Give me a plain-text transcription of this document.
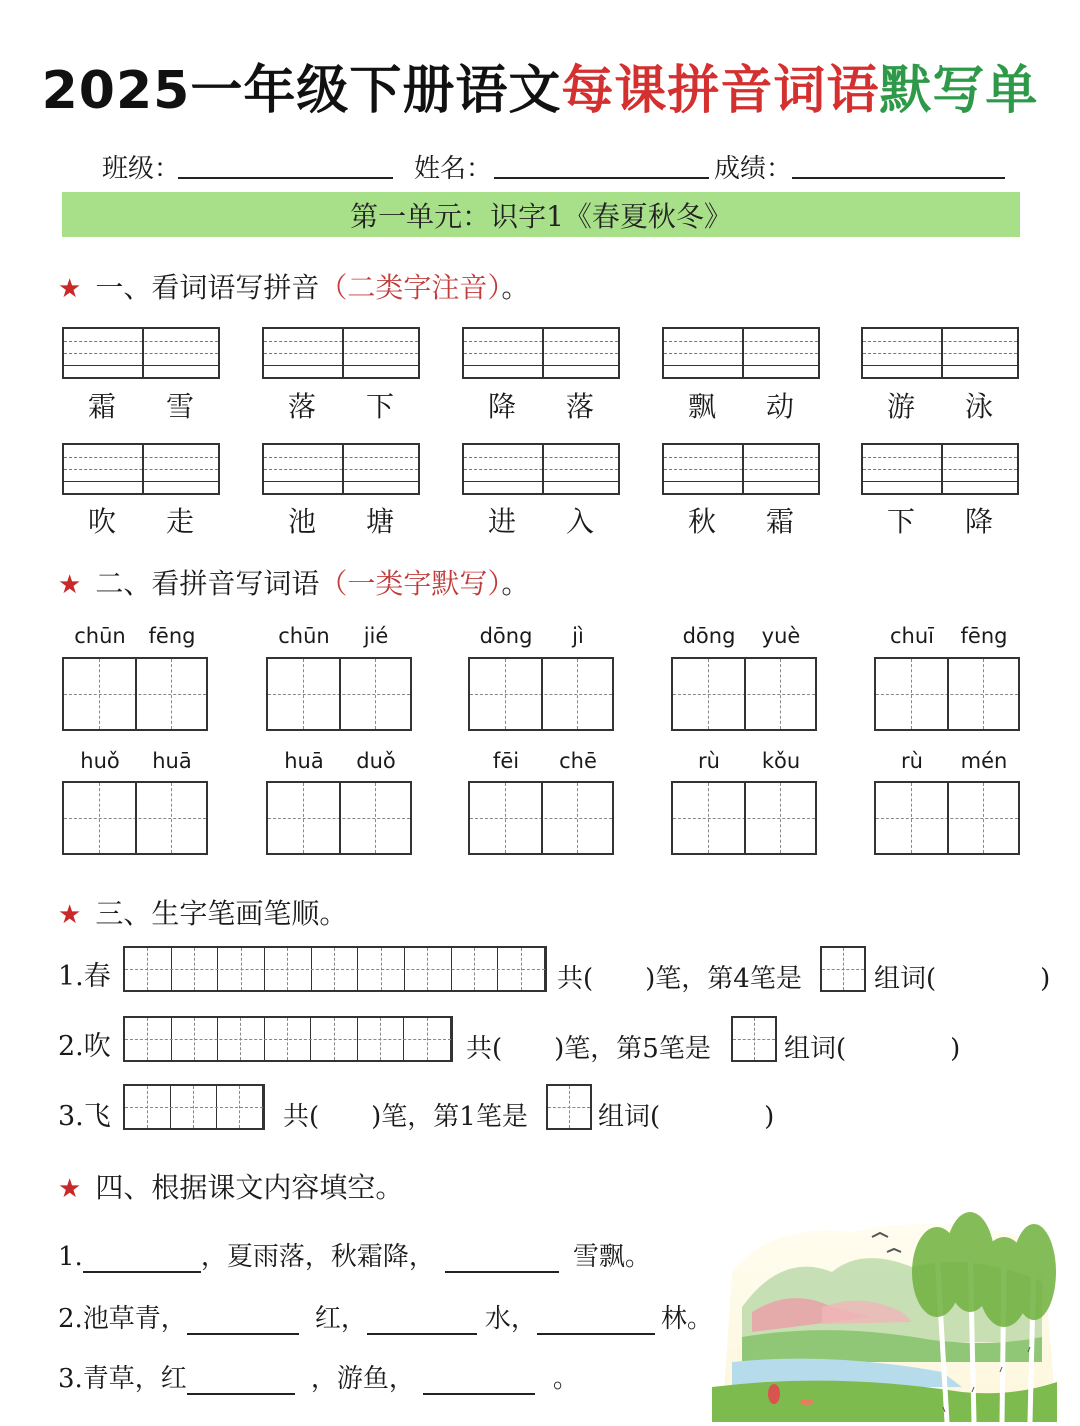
2025一年级下册语文每课拼音词语默写单
班级：	姓名：	成绩：
第一单元：识字1《春夏秋冬》
★ 一、看词语写拼音（二类字注音）。
霜 雪	落 下	降 落	飘 动	游 泳
吹 走	池 塘	进 入	秋 霜	下 降
★ 二、看拼音写词语（一类字默写）。
chūn	fēng	chūn	jié	dōng	jì	dōng	yuè	chuī	fēng
huǒ	huā	huā	duǒ	fēi	chē	rù	kǒu	rù	mén
★ 三、生字笔画笔顺。
1.春	共(　　)笔，第4笔是	组词(　　　　)
2.吹	共(　　)笔，第5笔是	组词(　　　　)
3.飞	共(　　)笔，第1笔是	组词(　　　　)
★ 四、根据课文内容填空。
1.	，夏雨落，秋霜降，	雪飘。
2.池草青，	红，	水，	林。
3.青草，红	，游鱼，	。
